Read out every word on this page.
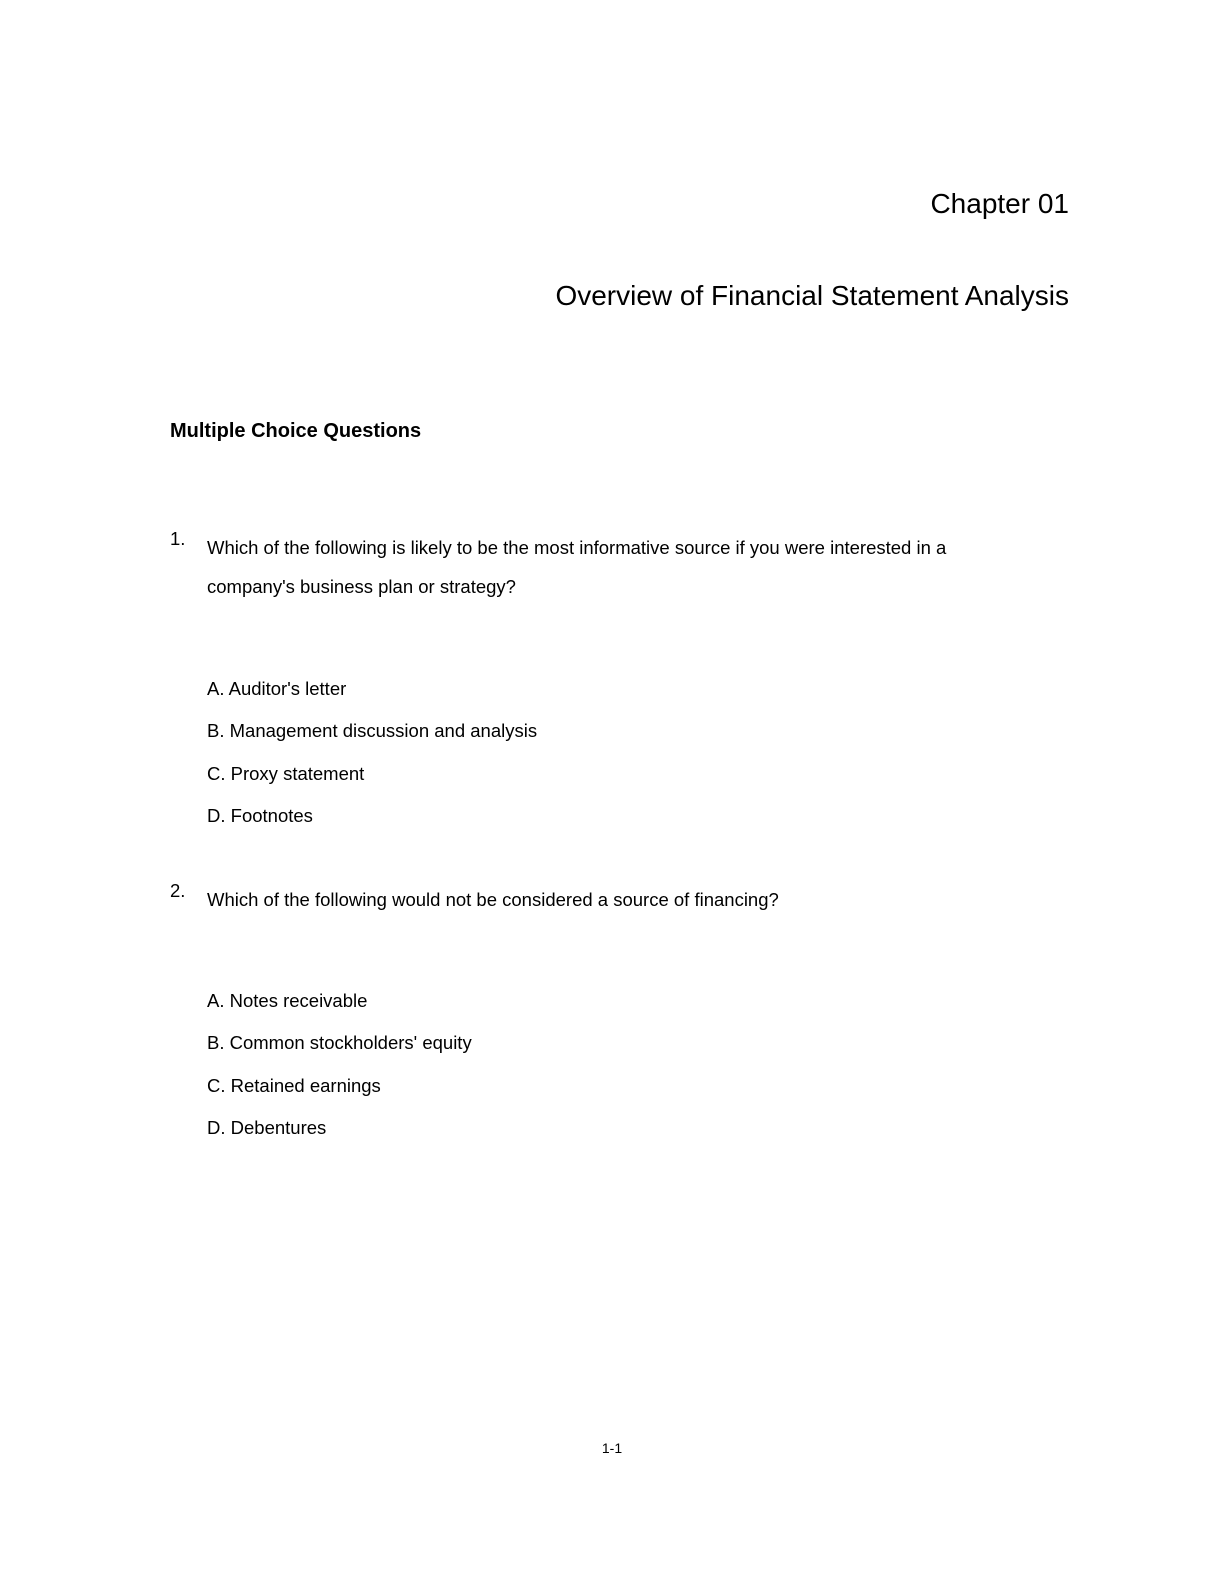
Chapter 01
Overview of Financial Statement Analysis
Multiple Choice Questions
1. Which of the following is likely to be the most informative source if you were interested in a
company's business plan or strategy?
A. Auditor's letter
B. Management discussion and analysis
C. Proxy statement
D. Footnotes
2. Which of the following would not be considered a source of financing?
A. Notes receivable
B. Common stockholders' equity
C. Retained earnings
D. Debentures
1-1
